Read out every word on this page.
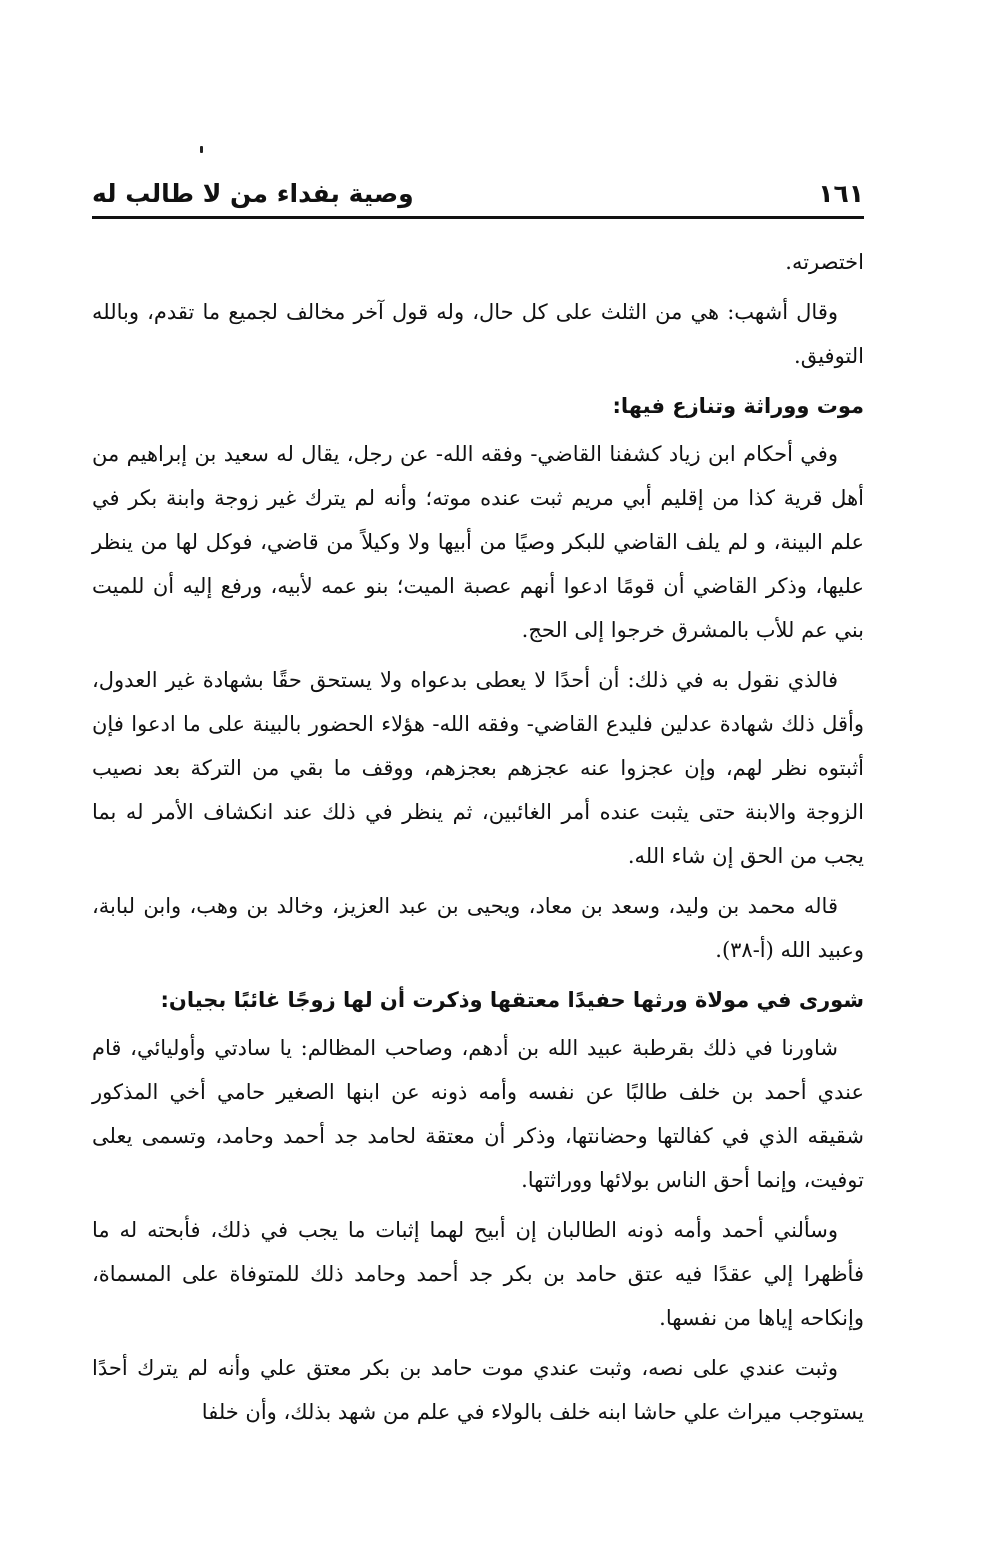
وصية بفداء من لا طالب له	١٦١

اختصرته.

وقال أشهب: هي من الثلث على كل حال، وله قول آخر مخالف لجميع ما تقدم، وبالله التوفيق.

موت ووراثة وتنازع فيها:

وفي أحكام ابن زياد كشفنا القاضي- وفقه الله- عن رجل، يقال له سعيد بن إبراهيم من أهل قرية كذا من إقليم أبي مريم ثبت عنده موته؛ وأنه لم يترك غير زوجة وابنة بكر في علم البينة، و لم يلف القاضي للبكر وصيًا من أبيها ولا وكيلاً من قاضي، فوكل لها من ينظر عليها، وذكر القاضي أن قومًا ادعوا أنهم عصبة الميت؛ بنو عمه لأبيه، ورفع إليه أن للميت بني عم للأب بالمشرق خرجوا إلى الحج.

فالذي نقول به في ذلك: أن أحدًا لا يعطى بدعواه ولا يستحق حقًا بشهادة غير العدول، وأقل ذلك شهادة عدلين فليدع القاضي- وفقه الله- هؤلاء الحضور بالبينة على ما ادعوا فإن أثبتوه نظر لهم، وإن عجزوا عنه عجزهم بعجزهم، ووقف ما بقي من التركة بعد نصيب الزوجة والابنة حتى يثبت عنده أمر الغائبين، ثم ينظر في ذلك عند انكشاف الأمر له بما يجب من الحق إن شاء الله.

قاله محمد بن وليد، وسعد بن معاد، ويحيى بن عبد العزيز، وخالد بن وهب، وابن لبابة، وعبيد الله (أ-٣٨).

شورى في مولاة ورثها حفيدًا معتقها وذكرت أن لها زوجًا غائبًا بجيان:

شاورنا في ذلك بقرطبة عبيد الله بن أدهم، وصاحب المظالم: يا سادتي وأوليائي، قام عندي أحمد بن خلف طالبًا عن نفسه وأمه ذونه عن ابنها الصغير حامي أخي المذكور شقيقه الذي في كفالتها وحضانتها، وذكر أن معتقة لحامد جد أحمد وحامد، وتسمى يعلى توفيت، وإنما أحق الناس بولائها ووراثتها.

وسألني أحمد وأمه ذونه الطالبان إن أبيح لهما إثبات ما يجب في ذلك، فأبحته له ما فأظهرا إلي عقدًا فيه عتق حامد بن بكر جد أحمد وحامد ذلك للمتوفاة على المسماة، وإنكاحه إياها من نفسها.

وثبت عندي على نصه، وثبت عندي موت حامد بن بكر معتق علي وأنه لم يترك أحدًا يستوجب ميراث علي حاشا ابنه خلف بالولاء في علم من شهد بذلك، وأن خلفا
